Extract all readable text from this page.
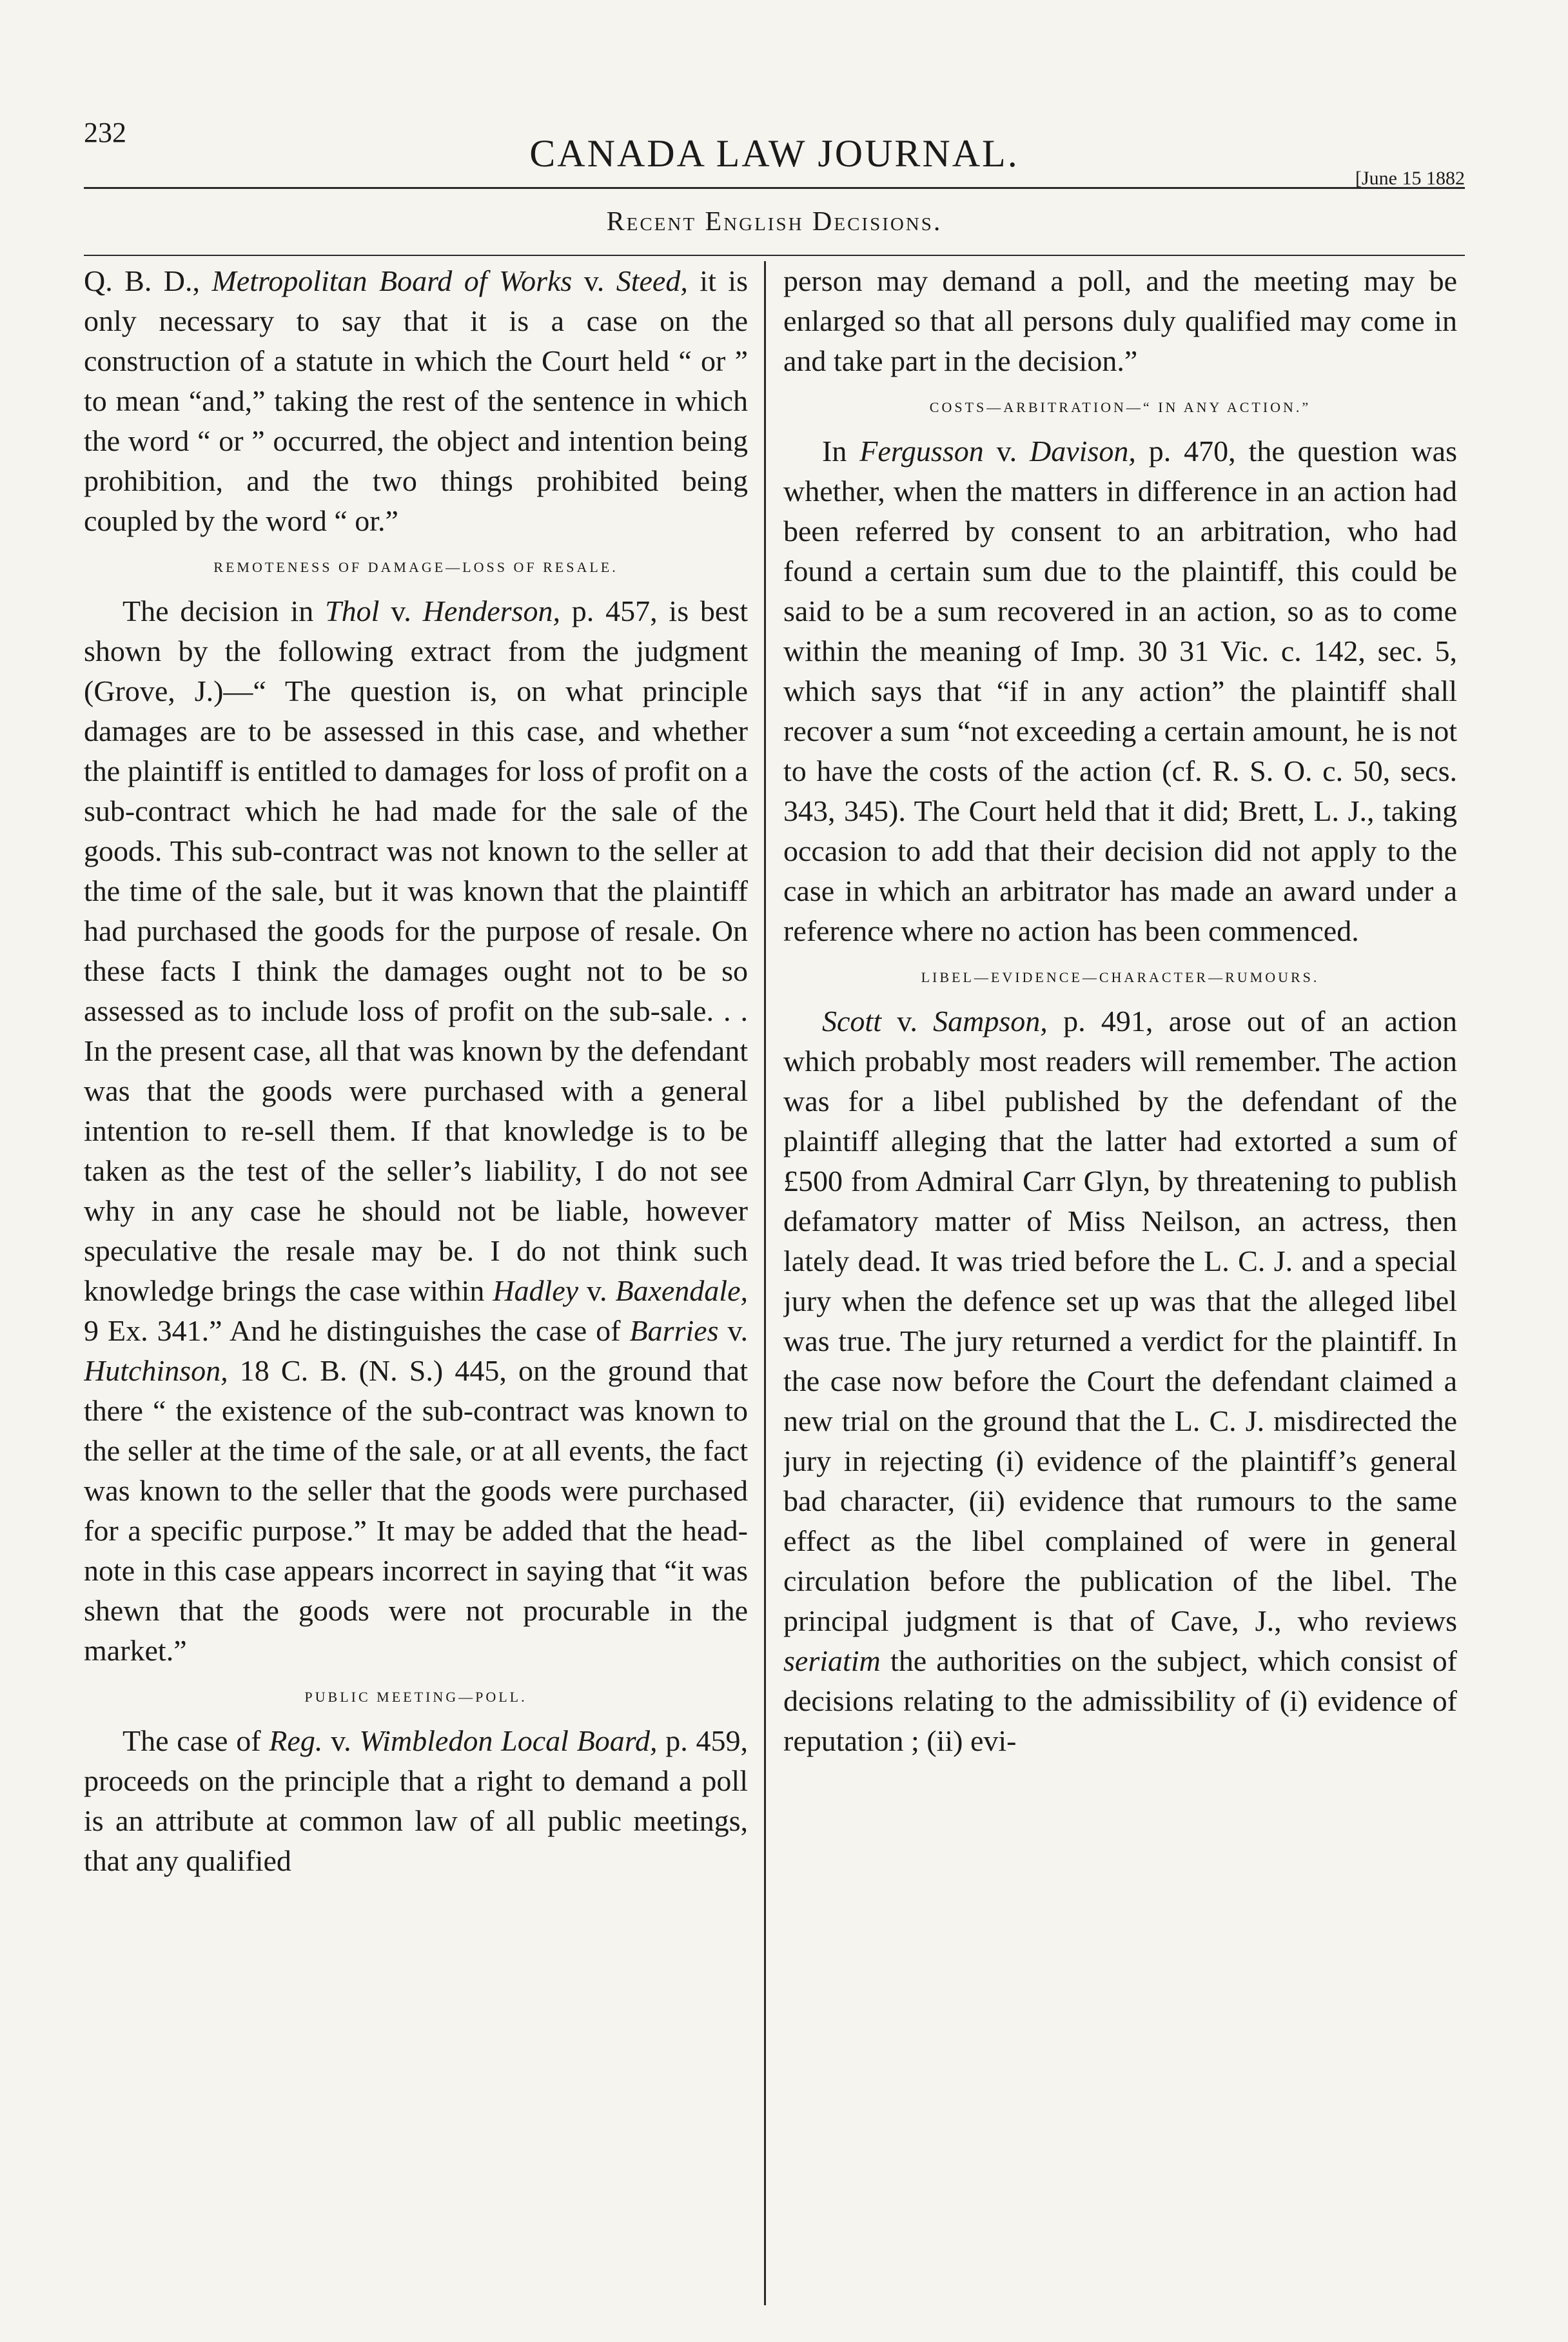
232	CANADA LAW JOURNAL.
[June 15 1882
Recent English Decisions.

Q. B. D., Metropolitan Board of Works v. Steed, it is only necessary to say that it is a case on the construction of a statute in which the Court held “ or ” to mean “and,” taking the rest of the sentence in which the word “ or ” occurred, the object and intention being prohibition, and the two things prohibited being coupled by the word “ or.”

REMOTENESS OF DAMAGE—LOSS OF RESALE.

The decision in Thol v. Henderson, p. 457, is best shown by the following extract from the judgment (Grove, J.)—“ The question is, on what principle damages are to be assessed in this case, and whether the plaintiff is entitled to damages for loss of profit on a sub-contract which he had made for the sale of the goods. This sub-contract was not known to the seller at the time of the sale, but it was known that the plaintiff had purchased the goods for the purpose of resale. On these facts I think the damages ought not to be so assessed as to include loss of profit on the sub-sale. . . In the present case, all that was known by the defendant was that the goods were purchased with a general intention to re-sell them. If that knowledge is to be taken as the test of the seller’s liability, I do not see why in any case he should not be liable, however speculative the resale may be. I do not think such knowledge brings the case within Hadley v. Baxendale, 9 Ex. 341.” And he distinguishes the case of Barries v. Hutchinson, 18 C. B. (N. S.) 445, on the ground that there “ the existence of the sub-contract was known to the seller at the time of the sale, or at all events, the fact was known to the seller that the goods were purchased for a specific purpose.” It may be added that the head-note in this case appears incorrect in saying that “it was shewn that the goods were not procurable in the market.”

PUBLIC MEETING—POLL.

The case of Reg. v. Wimbledon Local Board, p. 459, proceeds on the principle that a right to demand a poll is an attribute at common law of all public meetings, that any qualified

person may demand a poll, and the meeting may be enlarged so that all persons duly qualified may come in and take part in the decision.”

COSTS—ARBITRATION—“ IN ANY ACTION.”

In Fergusson v. Davison, p. 470, the question was whether, when the matters in difference in an action had been referred by consent to an arbitration, who had found a certain sum due to the plaintiff, this could be said to be a sum recovered in an action, so as to come within the meaning of Imp. 30 31 Vic. c. 142, sec. 5, which says that “if in any action” the plaintiff shall recover a sum “not exceeding a certain amount, he is not to have the costs of the action (cf. R. S. O. c. 50, secs. 343, 345). The Court held that it did; Brett, L. J., taking occasion to add that their decision did not apply to the case in which an arbitrator has made an award under a reference where no action has been commenced.

LIBEL—EVIDENCE—CHARACTER—RUMOURS.

Scott v. Sampson, p. 491, arose out of an action which probably most readers will remember. The action was for a libel published by the defendant of the plaintiff alleging that the latter had extorted a sum of £500 from Admiral Carr Glyn, by threatening to publish defamatory matter of Miss Neilson, an actress, then lately dead. It was tried before the L. C. J. and a special jury when the defence set up was that the alleged libel was true. The jury returned a verdict for the plaintiff. In the case now before the Court the defendant claimed a new trial on the ground that the L. C. J. misdirected the jury in rejecting (i) evidence of the plaintiff’s general bad character, (ii) evidence that rumours to the same effect as the libel complained of were in general circulation before the publication of the libel. The principal judgment is that of Cave, J., who reviews seriatim the authorities on the subject, which consist of decisions relating to the admissibility of (i) evidence of reputation ; (ii) evi-
